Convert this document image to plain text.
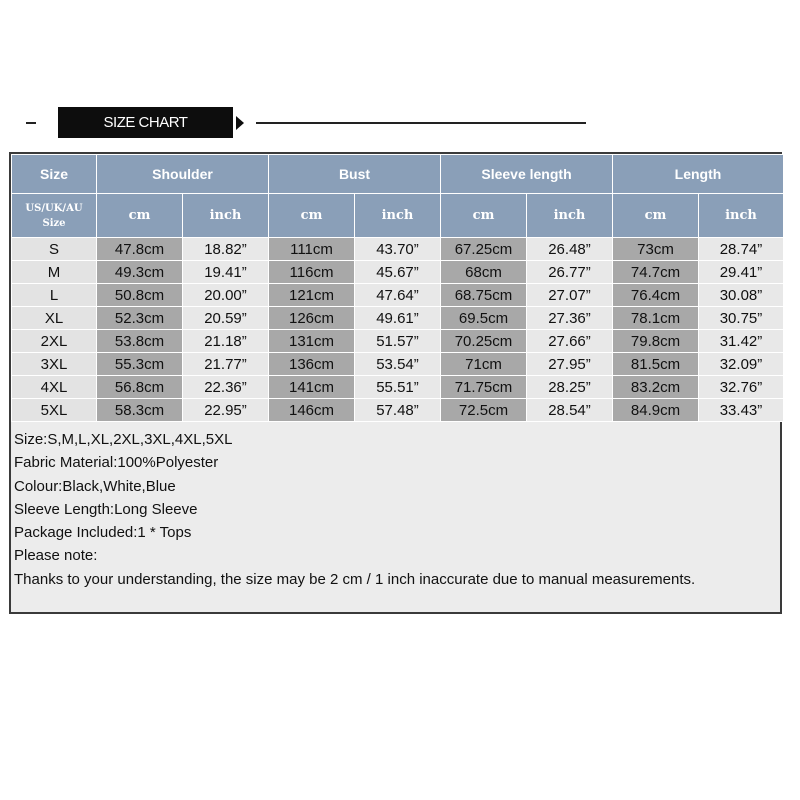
SIZE CHART
Size	Shoulder		Bust		Sleeve length		Length	
US/UK/AU
Size	cm	inch	cm	inch	cm	inch	cm	inch
S	47.8cm	18.82”	111cm	43.70”	67.25cm	26.48”	73cm	28.74”
M	49.3cm	19.41”	116cm	45.67”	68cm	26.77”	74.7cm	29.41”
L	50.8cm	20.00”	121cm	47.64”	68.75cm	27.07”	76.4cm	30.08”
XL	52.3cm	20.59”	126cm	49.61”	69.5cm	27.36”	78.1cm	30.75”
2XL	53.8cm	21.18”	131cm	51.57”	70.25cm	27.66”	79.8cm	31.42”
3XL	55.3cm	21.77”	136cm	53.54”	71cm	27.95”	81.5cm	32.09”
4XL	56.8cm	22.36”	141cm	55.51”	71.75cm	28.25”	83.2cm	32.76”
5XL	58.3cm	22.95”	146cm	57.48”	72.5cm	28.54”	84.9cm	33.43”
Size:S,M,L,XL,2XL,3XL,4XL,5XL
Fabric Material:100%Polyester
Colour:Black,White,Blue
Sleeve Length:Long Sleeve
Package Included:1 * Tops
Please note:
Thanks to your understanding, the size may be 2 cm / 1 inch inaccurate due to manual measurements.
